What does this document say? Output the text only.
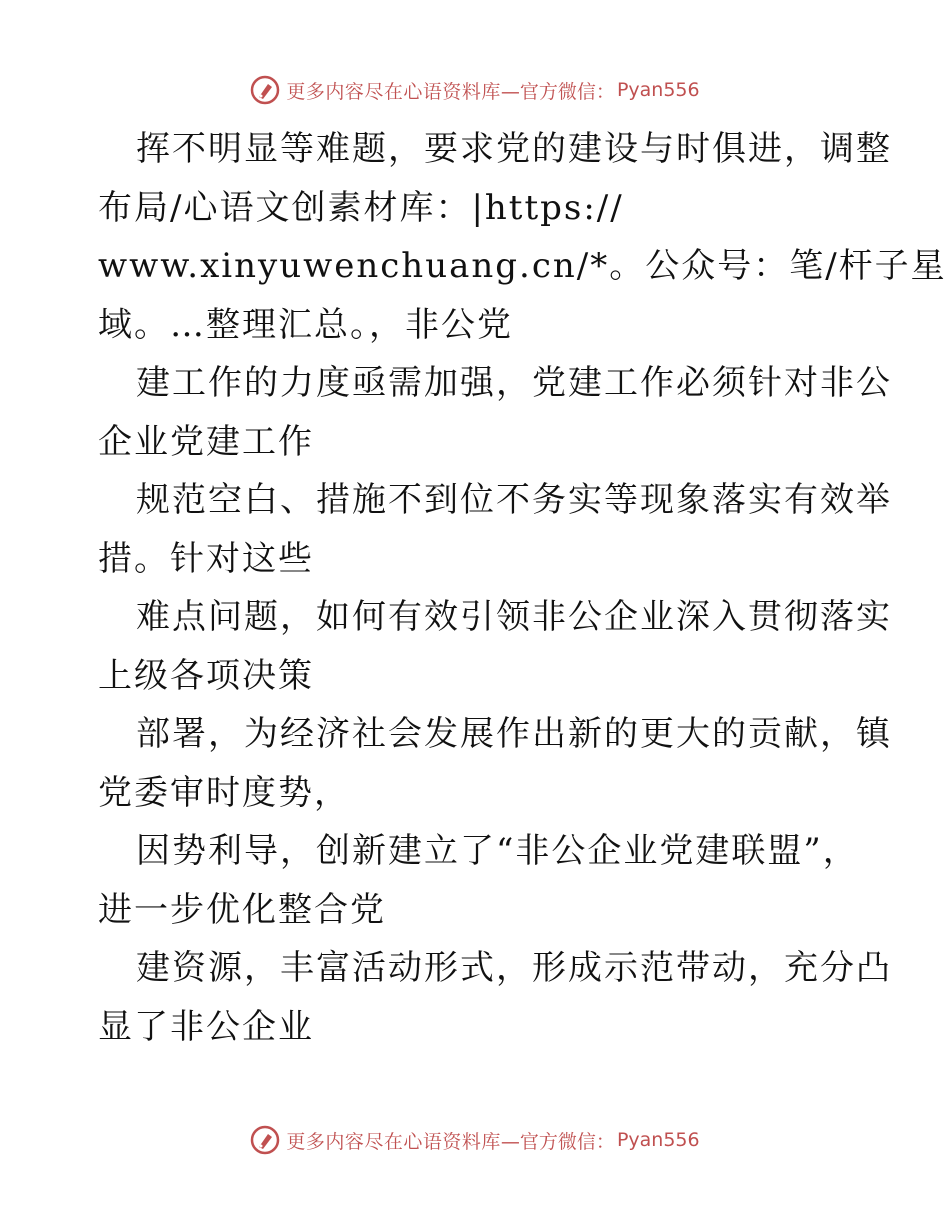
更多内容尽在心语资料库 —官方微信： Pyan556
挥不明显等难题，要求党的建设与时俱进，调整
布局/心语文创素材库：|https://
www.xinyuwenchuang.cn/*。公众号：笔/杆子星
域。…整理汇总。，非公党
建工作的力度亟需加强，党建工作必须针对非公
企业党建工作
规范空白、措施不到位不务实等现象落实有效举
措。针对这些
难点问题，如何有效引领非公企业深入贯彻落实
上级各项决策
部署，为经济社会发展作出新的更大的贡献，镇
党委审时度势，
因势利导，创新建立了“非公企业党建联盟”，
进一步优化整合党
建资源，丰富活动形式，形成示范带动，充分凸
显了非公企业
更多内容尽在心语资料库 —官方微信： Pyan556
